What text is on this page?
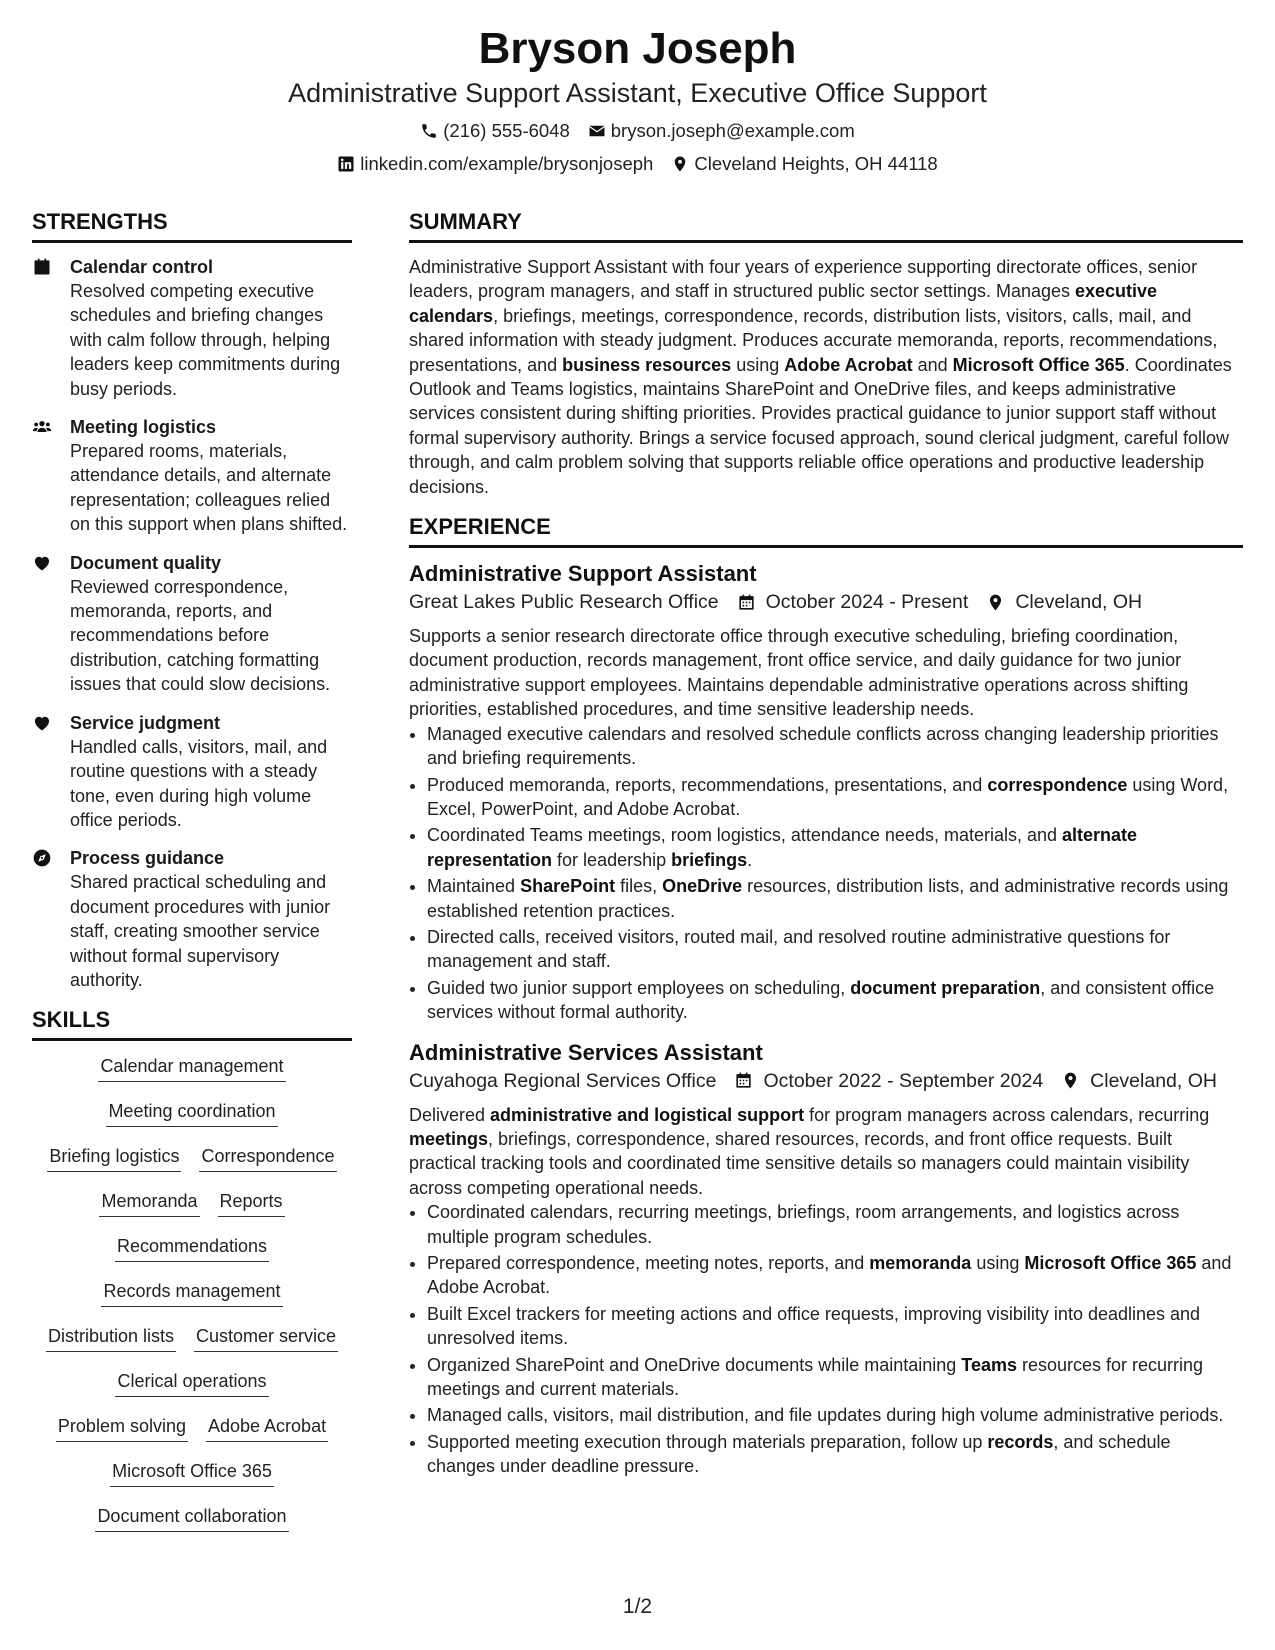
Bryson Joseph
Administrative Support Assistant, Executive Office Support
(216) 555-6048 bryson.joseph@example.com
linkedin.com/example/brysonjoseph Cleveland Heights, OH 44118
STRENGTHS
Calendar control
Resolved competing executive schedules and briefing changes with calm follow through, helping leaders keep commitments during busy periods.
Meeting logistics
Prepared rooms, materials, attendance details, and alternate representation; colleagues relied on this support when plans shifted.
Document quality
Reviewed correspondence, memoranda, reports, and recommendations before distribution, catching formatting issues that could slow decisions.
Service judgment
Handled calls, visitors, mail, and routine questions with a steady tone, even during high volume office periods.
Process guidance
Shared practical scheduling and document procedures with junior staff, creating smoother service without formal supervisory authority.
SKILLS
Calendar management
Meeting coordination
Briefing logistics Correspondence
Memoranda Reports
Recommendations
Records management
Distribution lists Customer service
Clerical operations
Problem solving Adobe Acrobat
Microsoft Office 365
Document collaboration
SUMMARY
Administrative Support Assistant with four years of experience supporting directorate offices, senior leaders, program managers, and staff in structured public sector settings. Manages executive calendars, briefings, meetings, correspondence, records, distribution lists, visitors, calls, mail, and shared information with steady judgment. Produces accurate memoranda, reports, recommendations, presentations, and business resources using Adobe Acrobat and Microsoft Office 365. Coordinates Outlook and Teams logistics, maintains SharePoint and OneDrive files, and keeps administrative services consistent during shifting priorities. Provides practical guidance to junior support staff without formal supervisory authority. Brings a service focused approach, sound clerical judgment, careful follow through, and calm problem solving that supports reliable office operations and productive leadership decisions.
EXPERIENCE
Administrative Support Assistant
Great Lakes Public Research Office October 2024 - Present Cleveland, OH
Supports a senior research directorate office through executive scheduling, briefing coordination, document production, records management, front office service, and daily guidance for two junior administrative support employees. Maintains dependable administrative operations across shifting priorities, established procedures, and time sensitive leadership needs.
• Managed executive calendars and resolved schedule conflicts across changing leadership priorities and briefing requirements.
• Produced memoranda, reports, recommendations, presentations, and correspondence using Word, Excel, PowerPoint, and Adobe Acrobat.
• Coordinated Teams meetings, room logistics, attendance needs, materials, and alternate representation for leadership briefings.
• Maintained SharePoint files, OneDrive resources, distribution lists, and administrative records using established retention practices.
• Directed calls, received visitors, routed mail, and resolved routine administrative questions for management and staff.
• Guided two junior support employees on scheduling, document preparation, and consistent office services without formal authority.
Administrative Services Assistant
Cuyahoga Regional Services Office October 2022 - September 2024 Cleveland, OH
Delivered administrative and logistical support for program managers across calendars, recurring meetings, briefings, correspondence, shared resources, records, and front office requests. Built practical tracking tools and coordinated time sensitive details so managers could maintain visibility across competing operational needs.
• Coordinated calendars, recurring meetings, briefings, room arrangements, and logistics across multiple program schedules.
• Prepared correspondence, meeting notes, reports, and memoranda using Microsoft Office 365 and Adobe Acrobat.
• Built Excel trackers for meeting actions and office requests, improving visibility into deadlines and unresolved items.
• Organized SharePoint and OneDrive documents while maintaining Teams resources for recurring meetings and current materials.
• Managed calls, visitors, mail distribution, and file updates during high volume administrative periods.
• Supported meeting execution through materials preparation, follow up records, and schedule changes under deadline pressure.
1/2
